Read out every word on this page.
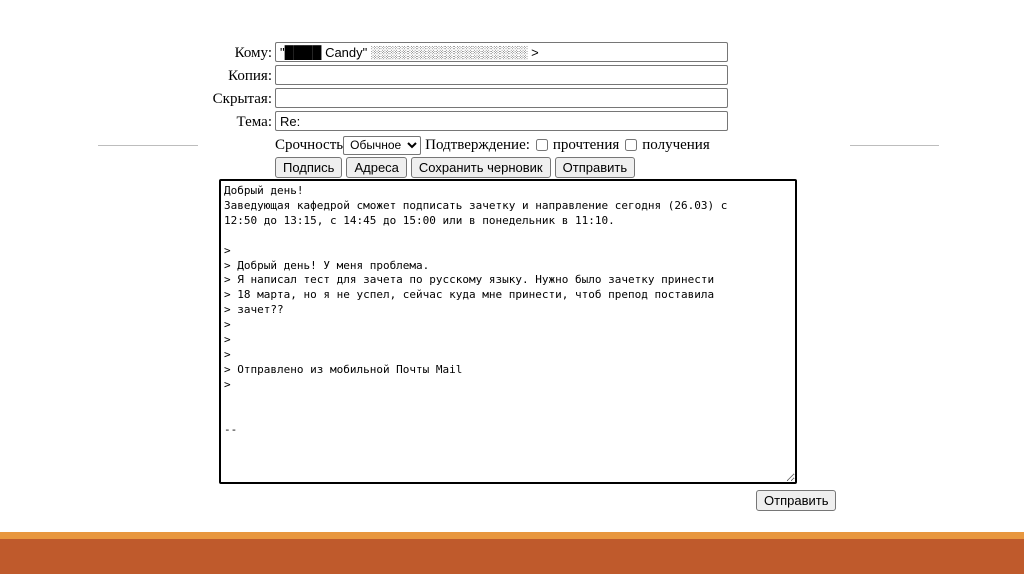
Кому:
"████ Candy" ░░░░░░░░░░░░░░░░░ >
Копия:
Скрытая:
Тема:
Re:
Срочность
Обычное	Подтверждение: прочтения получения
Подпись	Адреса	Сохранить черновик	Отправить
Добрый день! Заведующая кафедрой сможет подписать зачетку и направление сегодня (26.03) с 12:50 до 13:15, с 14:45 до 15:00 или в понедельник в 11:10. > > Добрый день! У меня проблема. > Я написал тест для зачета по русскому языку. Нужно было зачетку принести > 18 марта, но я не успел, сейчас куда мне принести, чтоб препод поставила > зачет?? > > > > Отправлено из мобильной Почты Mail > --
Отправить
